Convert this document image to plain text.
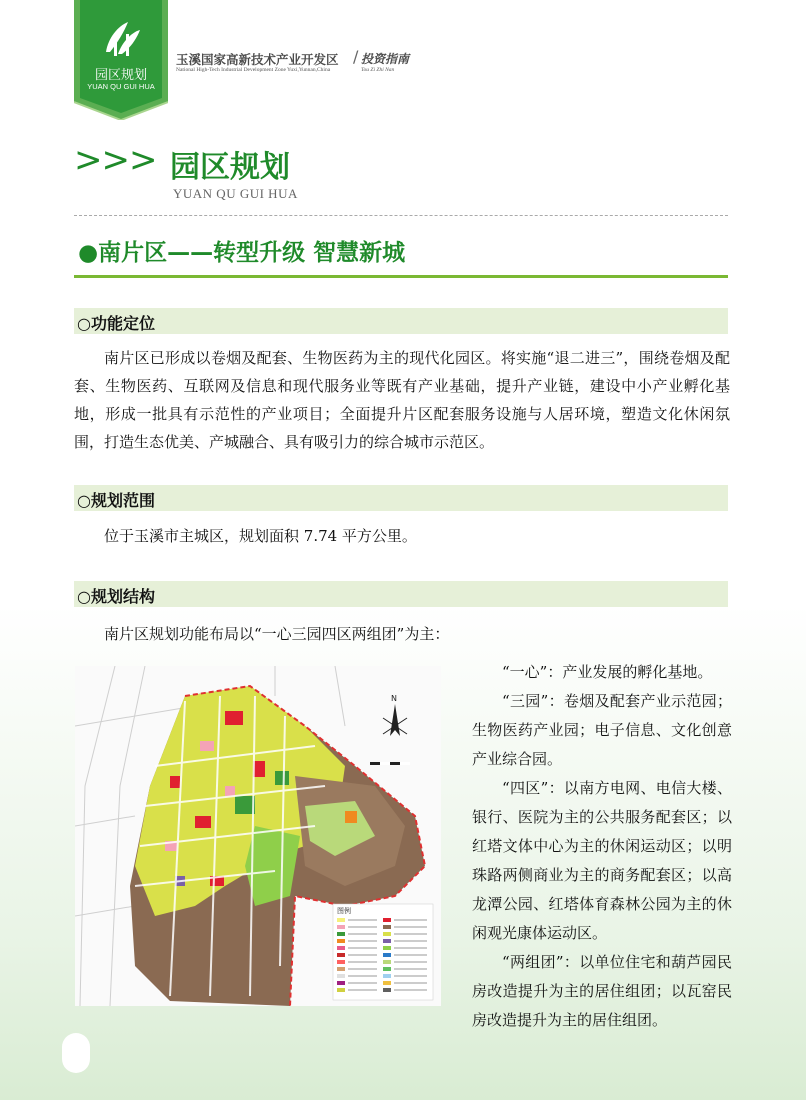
园区规划
YUAN QU GUI HUA
玉溪国家高新技术产业开发区 / 投资指南
National High-Tech Industrial Development Zone Yuxi,Yunnan,China	Tou Zi Zhi Nan
>>> 园区规划
YUAN QU GUI HUA
●南片区——转型升级 智慧新城
○功能定位
南片区已形成以卷烟及配套、生物医药为主的现代化园区。将实施“退二进三”，围绕卷烟及配套、生物医药、互联网及信息和现代服务业等既有产业基础，提升产业链，建设中小产业孵化基地，形成一批具有示范性的产业项目；全面提升片区配套服务设施与人居环境，塑造文化休闲氛围，打造生态优美、产城融合、具有吸引力的综合城市示范区。
○规划范围
位于玉溪市主城区，规划面积 7.74 平方公里。
○规划结构
南片区规划功能布局以“一心三园四区两组团”为主：
N
图例

“一心”：产业发展的孵化基地。

“三园”：卷烟及配套产业示范园；生物医药产业园；电子信息、文化创意产业综合园。

“四区”：以南方电网、电信大楼、银行、医院为主的公共服务配套区；以红塔文体中心为主的休闲运动区；以明珠路两侧商业为主的商务配套区；以高龙潭公园、红塔体育森林公园为主的休闲观光康体运动区。

“两组团”：以单位住宅和葫芦园民房改造提升为主的居住组团；以瓦窑民房改造提升为主的居住组团。
